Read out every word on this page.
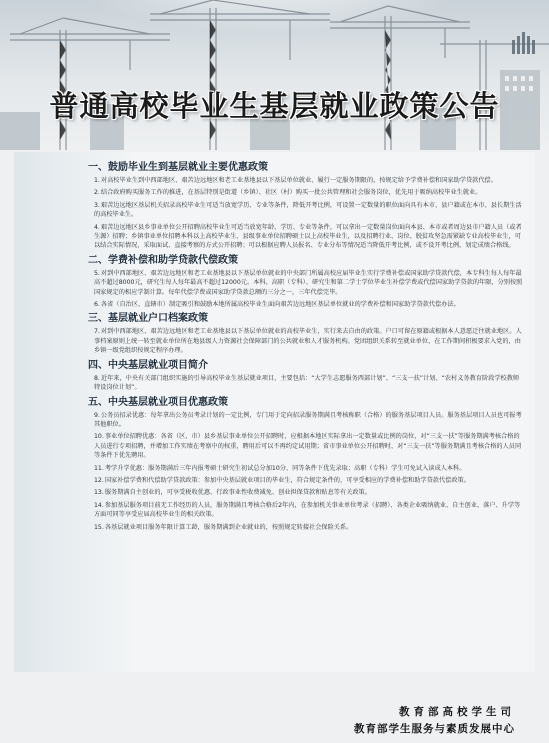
普通高校毕业生基层就业政策公告
一、鼓励毕业生到基层就业主要优惠政策
1.对高校毕业生到中西部地区、艰苦边远地区和老工业基地县以下基层单位就业、履行一定服务期限的，按规定给予学费补偿和国家助学贷款代偿。
2.结合政府购买服务工作的推进，在基层特别是街道（乡镇）、社区（村）购买一批公共管理和社会服务岗位，优先用于吸纳高校毕业生就业。
3.艰苦边远地区基层机关招录高校毕业生可适当放宽学历、专业等条件，降低开考比例，可设置一定数量的职位面向具有本市、县户籍或在本市、县长期生活的高校毕业生。
4.艰苦边远地区县乡事业单位公开招聘高校毕业生可适当放宽年龄、学历、专业等条件，可以拿出一定数量岗位面向本县、本市或者周边县市户籍人员（或者生源）招聘；乡镇事业单位招聘本科以上高校毕业生、县级事业单位招聘硕士以上高校毕业生，以及招聘行业、岗位、脱贫攻坚急需紧缺专业高校毕业生，可以结合实际情况，采取面试、直接考察的方式公开招聘；可以根据应聘人员报名、专业分布等情况适当降低开考比例，或不设开考比例，划定成绩合格线。
二、学费补偿和助学贷款代偿政策
5.对到中西部地区、艰苦边远地区和老工业基地县以下基层单位就业的中央部门所属高校应届毕业生实行学费补偿或国家助学贷款代偿，本专科生每人每年最高不超过8000元，研究生每人每年最高不超过12000元。本科、高职（专科）、研究生和第二学士学位毕业生补偿学费或代偿国家助学贷款的年限，分别按照国家规定的相应学制计算。每年代偿学费或国家助学贷款总额的三分之一，三年代偿完毕。
6.各省（自治区、直辖市）制定吸引和鼓励本地所属高校毕业生面向艰苦边远地区基层单位就业的学费补偿和国家助学贷款代偿办法。
三、基层就业户口档案政策
7.对到中西部地区、艰苦边远地区和老工业基地县以下基层单位就业的高校毕业生，实行来去自由的政策。户口可留在原籍或根据本人意愿迁往就业地区。人事档案原则上统一转至就业单位所在地县级人力资源社会保障部门的公共就业和人才服务机构。党团组织关系转至就业单位，在工作期间积极要求入党的，由乡镇一级党组织按规定程序办理。
四、中央基层就业项目简介
8.近年来，中央有关部门组织实施的引导高校毕业生基层就业项目，主要包括：“大学生志愿服务西部计划”、“三支一扶”计划、“农村义务教育阶段学校教师特设岗位计划”。
五、中央基层就业项目优惠政策
9.公务员招录优惠：每年拿出公务员考录计划的一定比例，专门用于定向招录服务期满且考核称职（合格）的服务基层项目人员。服务基层项目人员也可报考其他职位。
10.事业单位招聘优惠：各省（区、市）县乡基层事业单位公开招聘时，应根据本地区实际拿出一定数量或比例的岗位，对“三支一扶”等服务期满考核合格的人员进行专项招聘，并增加工作实绩在考察中的权重，聘用后可以不再约定试用期；省市事业单位公开招聘时，对“三支一扶”等服务期满且考核合格的人员同等条件下优先聘用。
11.考学升学优惠：服务期满后三年内报考硕士研究生初试总分加10分，同等条件下优先录取；高职（专科）学生可免试入读成人本科。
12.国家补偿学费和代偿助学贷款政策：参加中央基层就业项目的毕业生，符合规定条件的，可享受相应的学费补偿和助学贷款代偿政策。
13.服务期满自主创业的，可享受税收优惠、行政事业性收费减免、创业担保贷款和贴息等有关政策。
14.参加基层服务项目前无工作经历的人员，服务期满且考核合格后2年内，在参加机关事业单位考录（招聘）、各类企业吸纳就业、自主创业、落户、升学等方面可同等享受应届高校毕业生的相关政策。
15.各基层就业项目服务年限计算工龄，服务期满到企业就业的，按照规定转接社会保险关系。
教育部高校学生司
教育部学生服务与素质发展中心
